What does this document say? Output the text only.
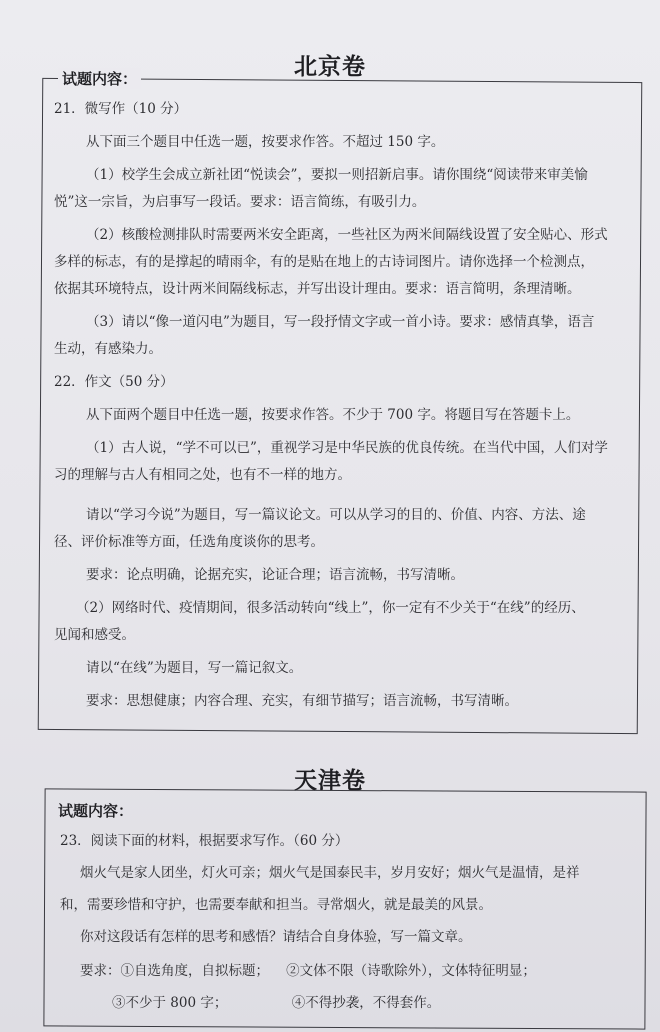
北京卷
试题内容：
21．微写作（10 分）
从下面三个题目中任选一题，按要求作答。不超过 150 字。
（1）校学生会成立新社团“悦读会”，要拟一则招新启事。请你围绕“阅读带来审美愉
悦”这一宗旨，为启事写一段话。要求：语言简练，有吸引力。
（2）核酸检测排队时需要两米安全距离，一些社区为两米间隔线设置了安全贴心、形式
多样的标志，有的是撑起的晴雨伞，有的是贴在地上的古诗词图片。请你选择一个检测点，
依据其环境特点，设计两米间隔线标志，并写出设计理由。要求：语言简明，条理清晰。
（3）请以“像一道闪电”为题目，写一段抒情文字或一首小诗。要求：感情真挚，语言
生动，有感染力。
22．作文（50 分）
从下面两个题目中任选一题，按要求作答。不少于 700 字。将题目写在答题卡上。
（1）古人说，“学不可以已”，重视学习是中华民族的优良传统。在当代中国，人们对学
习的理解与古人有相同之处，也有不一样的地方。
请以“学习今说”为题目，写一篇议论文。可以从学习的目的、价值、内容、方法、途
径、评价标准等方面，任选角度谈你的思考。
要求：论点明确，论据充实，论证合理；语言流畅，书写清晰。
（2）网络时代、疫情期间，很多活动转向“线上”，你一定有不少关于“在线”的经历、
见闻和感受。
请以“在线”为题目，写一篇记叙文。
要求：思想健康；内容合理、充实，有细节描写；语言流畅，书写清晰。
天津卷
试题内容：
23．阅读下面的材料，根据要求写作。（60 分）
烟火气是家人团坐，灯火可亲；烟火气是国泰民丰，岁月安好；烟火气是温情，是祥
和，需要珍惜和守护，也需要奉献和担当。寻常烟火，就是最美的风景。
你对这段话有怎样的思考和感悟？请结合自身体验，写一篇文章。
要求：①自选角度，自拟标题；    ②文体不限（诗歌除外），文体特征明显；
③不少于 800 字；               ④不得抄袭，不得套作。
